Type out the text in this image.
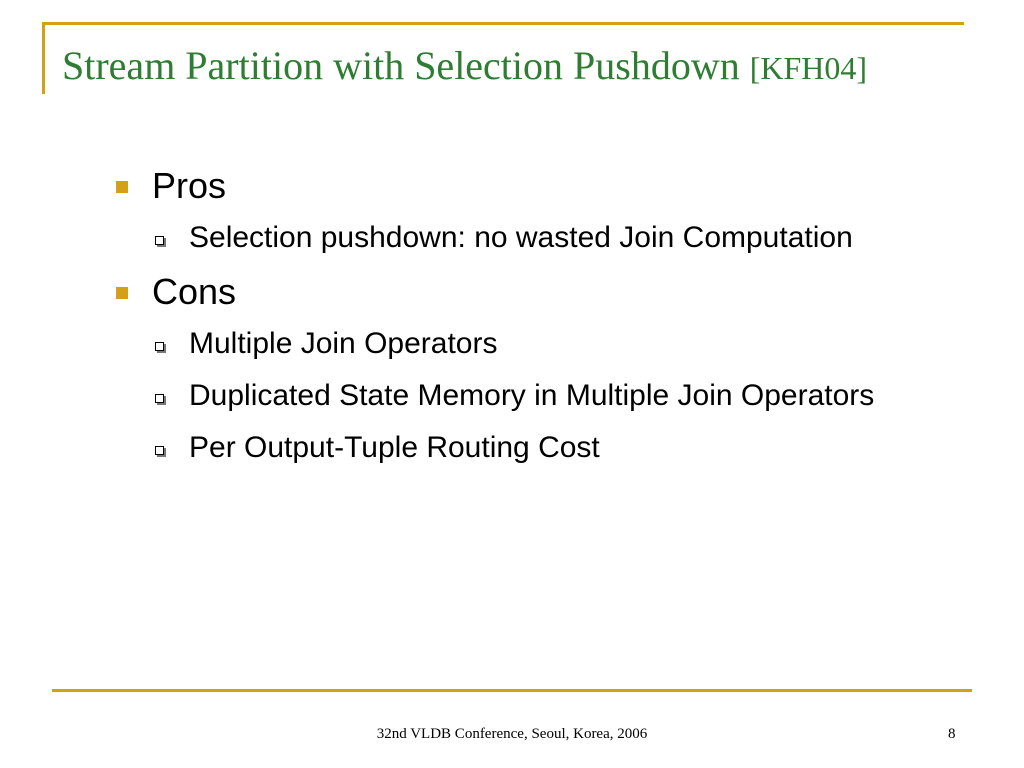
Stream Partition with Selection Pushdown [KFH04]
Pros
Selection pushdown: no wasted Join Computation
Cons
Multiple Join Operators
Duplicated State Memory in Multiple Join Operators
Per Output-Tuple Routing Cost
32nd VLDB Conference, Seoul, Korea, 2006	8
